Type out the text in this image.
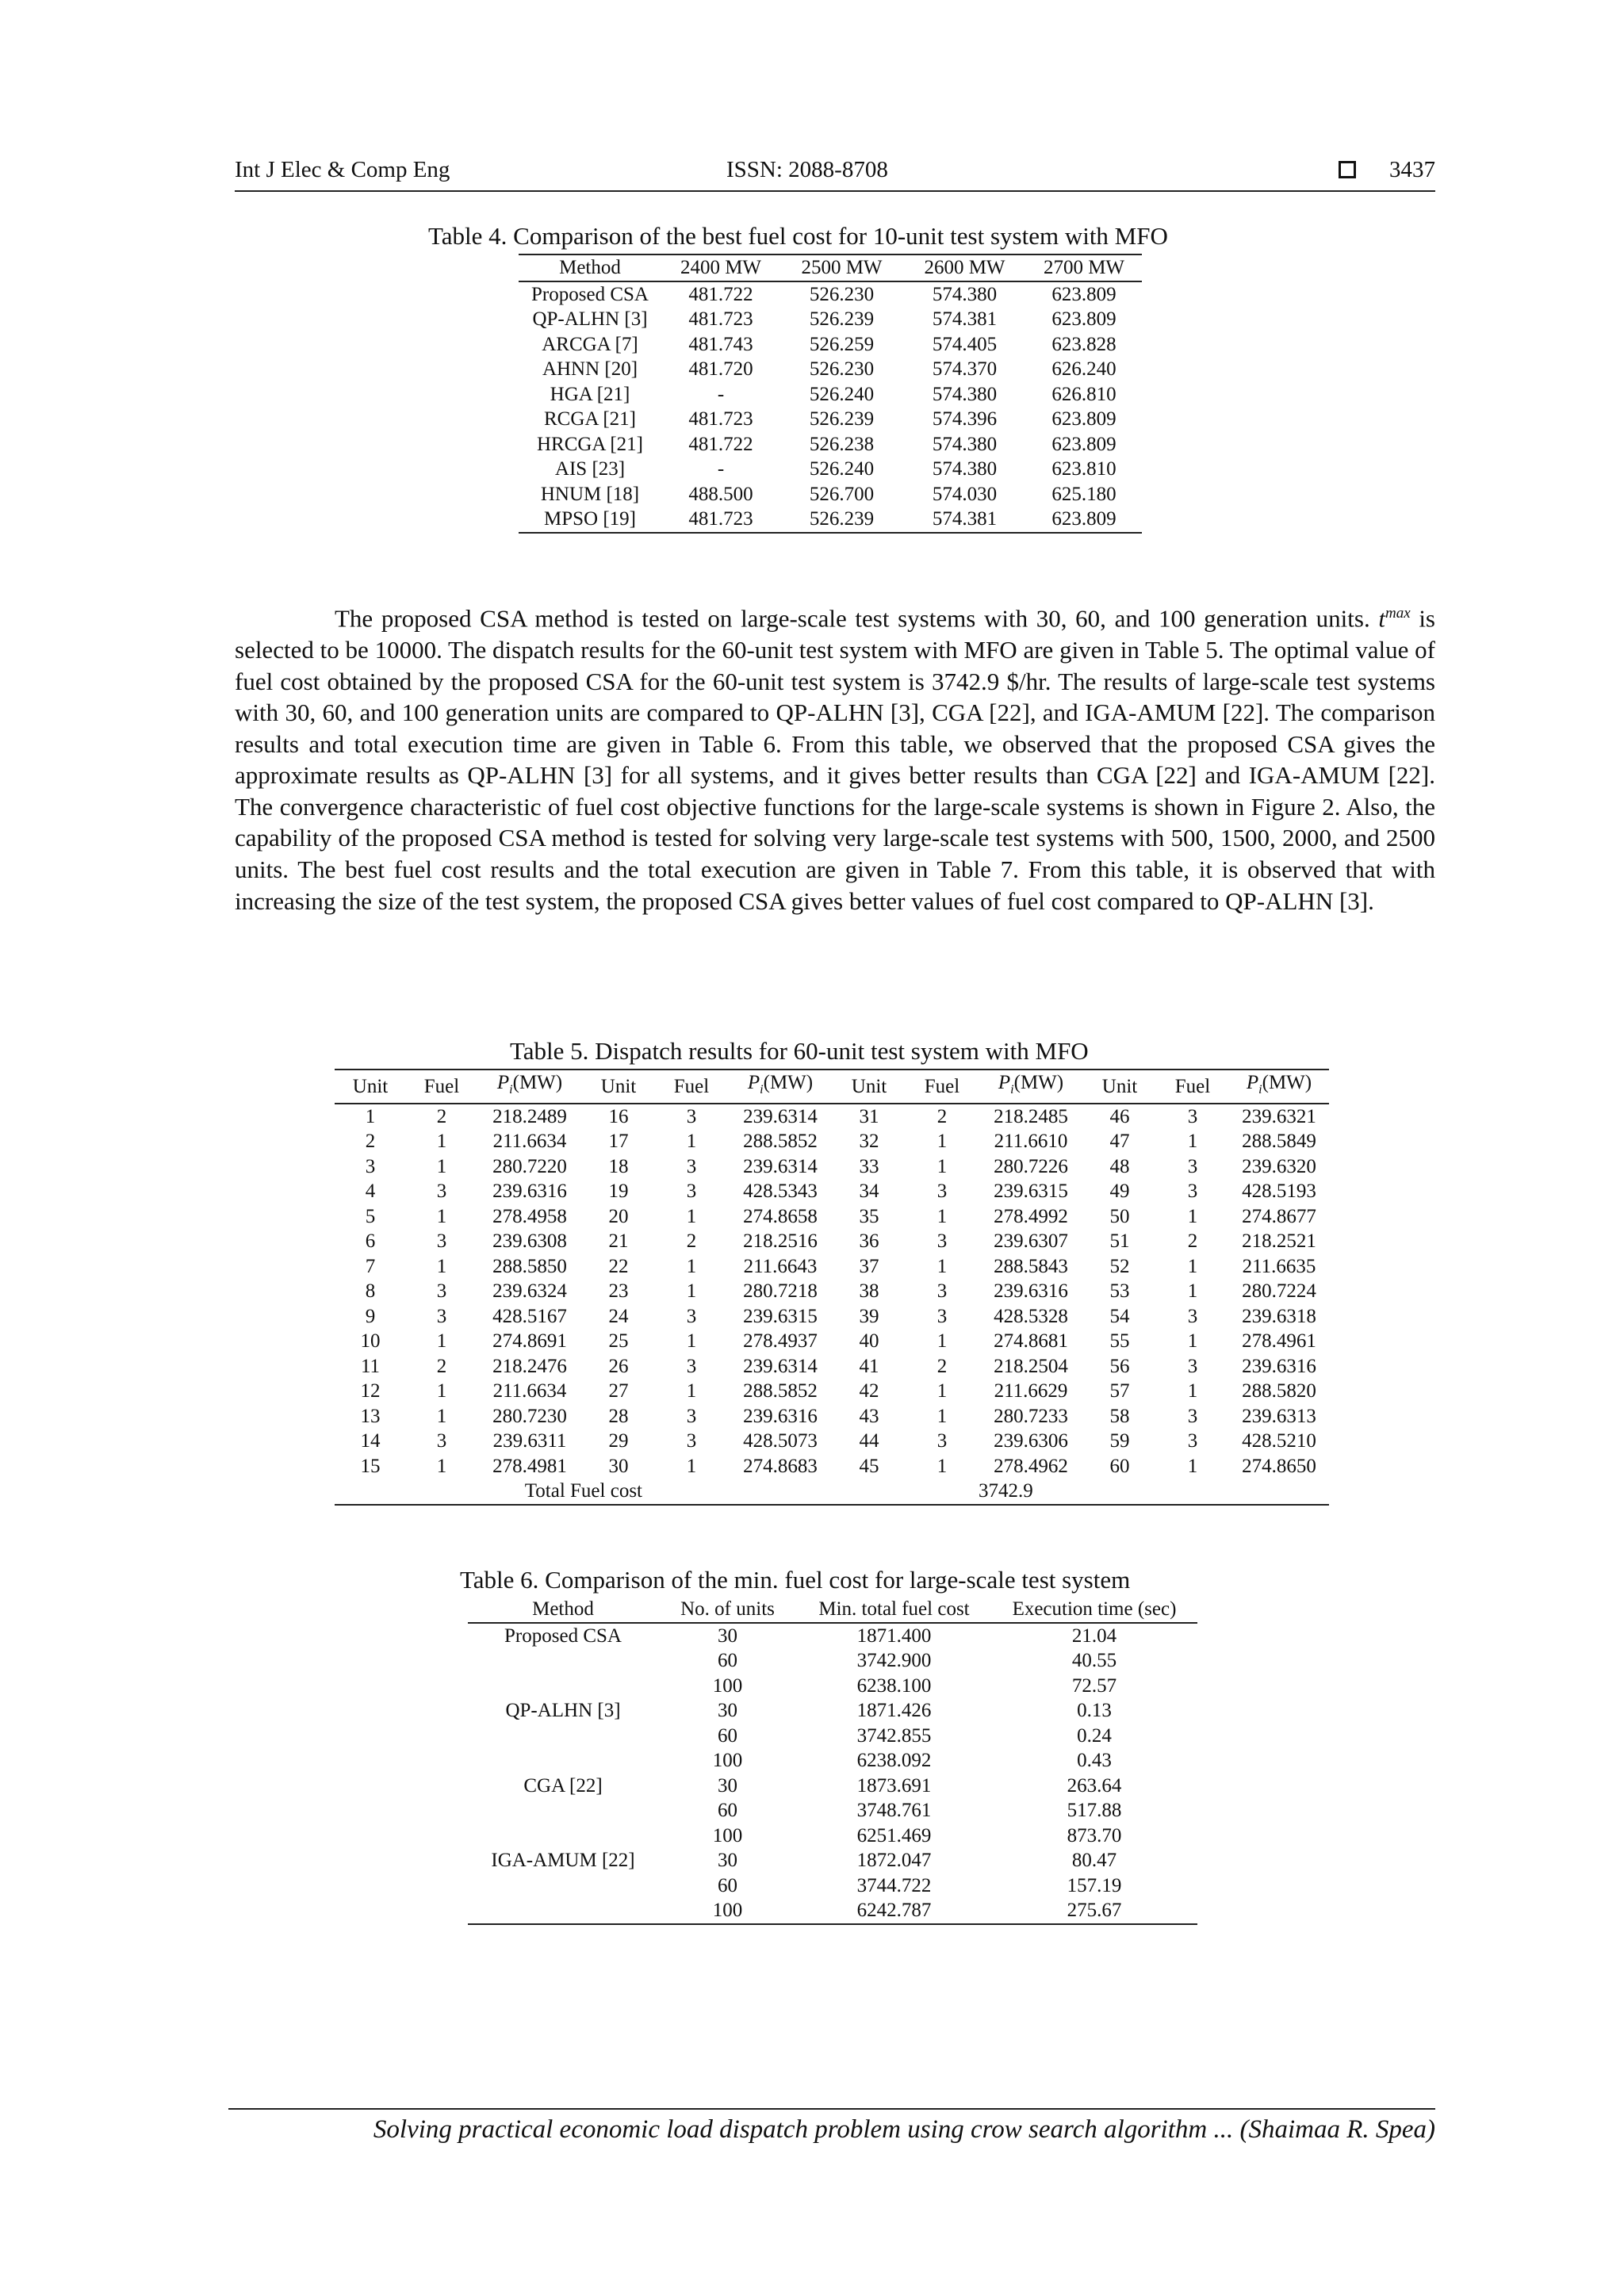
Int J Elec & Comp Eng	ISSN: 2088-8708	3437
Table 4. Comparison of the best fuel cost for 10-unit test system with MFO
Method	2400 MW	2500 MW	2600 MW	2700 MW
Proposed CSA	481.722	526.230	574.380	623.809
QP-ALHN [3]	481.723	526.239	574.381	623.809
ARCGA [7]	481.743	526.259	574.405	623.828
AHNN [20]	481.720	526.230	574.370	626.240
HGA [21]	-	526.240	574.380	626.810
RCGA [21]	481.723	526.239	574.396	623.809
HRCGA [21]	481.722	526.238	574.380	623.809
AIS [23]	-	526.240	574.380	623.810
HNUM [18]	488.500	526.700	574.030	625.180
MPSO [19]	481.723	526.239	574.381	623.809

The proposed CSA method is tested on large-scale test systems with 30, 60, and 100 generation units. $t^{max}$ is selected to be 10000. The dispatch results for the 60-unit test system with MFO are given in Table 5. The optimal value of fuel cost obtained by the proposed CSA for the 60-unit test system is 3742.9 $/hr. The results of large-scale test systems with 30, 60, and 100 generation units are compared to QP-ALHN [3], CGA [22], and IGA-AMUM [22]. The comparison results and total execution time are given in Table 6. From this table, we observed that the proposed CSA gives the approximate results as QP-ALHN [3] for all systems, and it gives better results than CGA [22] and IGA-AMUM [22]. The convergence characteristic of fuel cost objective functions for the large-scale systems is shown in Figure 2. Also, the capability of the proposed CSA method is tested for solving very large-scale test systems with 500, 1500, 2000, and 2500 units. The best fuel cost results and the total execution are given in Table 7. From this table, it is observed that with increasing the size of the test system, the proposed CSA gives better values of fuel cost compared to QP-ALHN [3].

Table 5. Dispatch results for 60-unit test system with MFO
Unit	Fuel	$P_i(MW)$	Unit	Fuel	$P_i(MW)$	Unit	Fuel	$P_i(MW)$	Unit	Fuel	$P_i(MW)$
1	2	218.2489	16	3	239.6314	31	2	218.2485	46	3	239.6321
2	1	211.6634	17	1	288.5852	32	1	211.6610	47	1	288.5849
3	1	280.7220	18	3	239.6314	33	1	280.7226	48	3	239.6320
4	3	239.6316	19	3	428.5343	34	3	239.6315	49	3	428.5193
5	1	278.4958	20	1	274.8658	35	1	278.4992	50	1	274.8677
6	3	239.6308	21	2	218.2516	36	3	239.6307	51	2	218.2521
7	1	288.5850	22	1	211.6643	37	1	288.5843	52	1	211.6635
8	3	239.6324	23	1	280.7218	38	3	239.6316	53	1	280.7224
9	3	428.5167	24	3	239.6315	39	3	428.5328	54	3	239.6318
10	1	274.8691	25	1	278.4937	40	1	274.8681	55	1	278.4961
11	2	218.2476	26	3	239.6314	41	2	218.2504	56	3	239.6316
12	1	211.6634	27	1	288.5852	42	1	211.6629	57	1	288.5820
13	1	280.7230	28	3	239.6316	43	1	280.7233	58	3	239.6313
14	3	239.6311	29	3	428.5073	44	3	239.6306	59	3	428.5210
15	1	278.4981	30	1	274.8683	45	1	278.4962	60	1	274.8650
Total Fuel cost								3742.9			
Table 6. Comparison of the min. fuel cost for large-scale test system
Method	No. of units	Min. total fuel cost	Execution time (sec)
Proposed CSA	30	1871.400	21.04
	60	3742.900	40.55
	100	6238.100	72.57
QP-ALHN [3]	30	1871.426	0.13
	60	3742.855	0.24
	100	6238.092	0.43
CGA [22]	30	1873.691	263.64
	60	3748.761	517.88
	100	6251.469	873.70
IGA-AMUM [22]	30	1872.047	80.47
	60	3744.722	157.19
	100	6242.787	275.67
Solving practical economic load dispatch problem using crow search algorithm ... (Shaimaa R. Spea)
